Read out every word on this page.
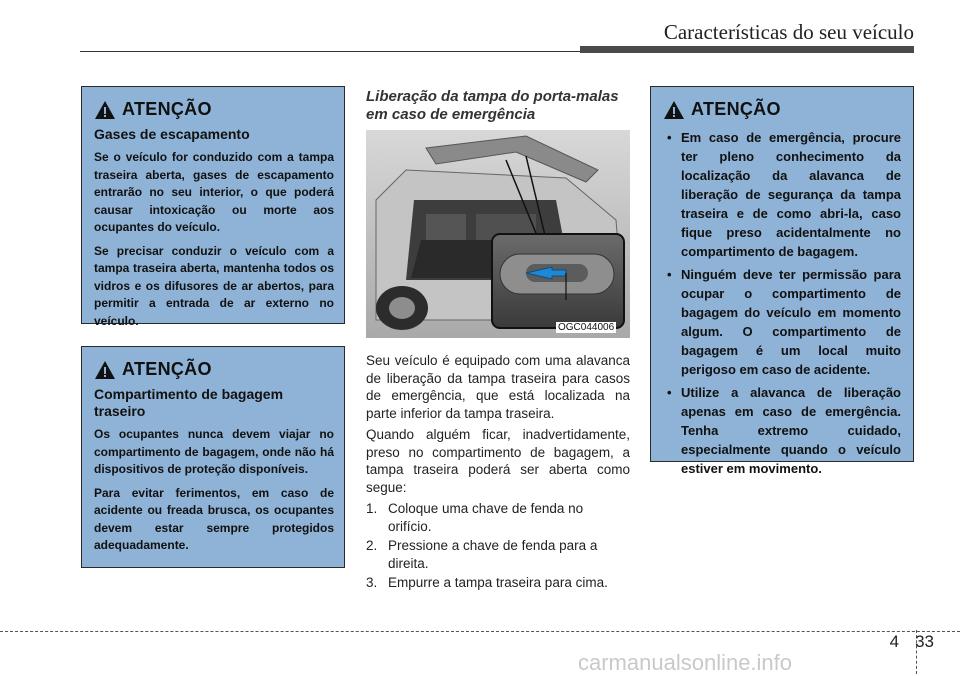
Características do seu veículo
ATENÇÃO
Gases de escapamento
Se o veículo for conduzido com a tampa traseira aberta, gases de escapamento entrarão no seu interior, o que poderá causar intoxicação ou morte aos ocupantes do veículo.
Se precisar conduzir o veículo com a tampa traseira aberta, mantenha todos os vidros e os difusores de ar abertos, para permitir a entrada de ar externo no veículo.
ATENÇÃO
Compartimento de bagagem traseiro
Os ocupantes nunca devem viajar no compartimento de bagagem, onde não há dispositivos de proteção disponíveis.
Para evitar ferimentos, em caso de acidente ou freada brusca, os ocupantes devem estar sempre protegidos adequadamente.
Liberação da tampa do porta-malas em caso de emergência
OGC044006

Seu veículo é equipado com uma alavanca de liberação da tampa traseira para casos de emergência, que está localizada na parte inferior da tampa traseira.

Quando alguém ficar, inadvertidamente, preso no compartimento de bagagem, a tampa traseira poderá ser aberta como segue:

1. Coloque uma chave de fenda no orifício.
2. Pressione a chave de fenda para a direita.
3. Empurre a tampa traseira para cima.
ATENÇÃO
• Em caso de emergência, procure ter pleno conhecimento da localização da alavanca de liberação de segurança da tampa traseira e de como abri-la, caso fique preso acidentalmente no compartimento de bagagem.
• Ninguém deve ter permissão para ocupar o compartimento de bagagem do veículo em momento algum. O compartimento de bagagem é um local muito perigoso em caso de acidente.
• Utilize a alavanca de liberação apenas em caso de emergência. Tenha extremo cuidado, especialmente quando o veículo estiver em movimento.
4 33
carmanualsonline.info
